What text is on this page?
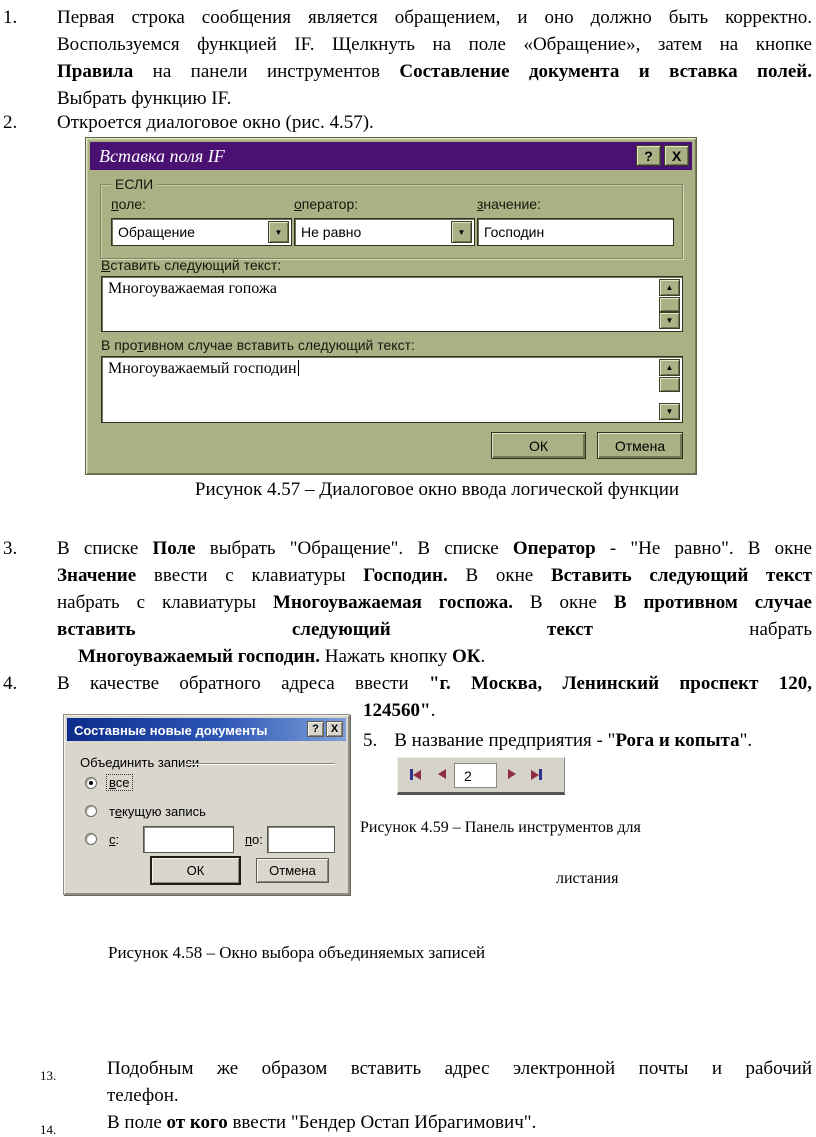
1.	Первая строка сообщения является обращением, и оно должно быть корректно.
Воспользуемся функцией IF. Щелкнуть на поле «Обращение», затем на кнопке
Правила на панели инструментов Составление документа и вставка полей.
Выбрать функцию IF.
2.	Откроется диалоговое окно (рис. 4.57).
Вставка поля IF	? X
ЕСЛИ
поле:	оператор:	значение:
Обращение	▼	Не равно	▼	Господин
Вставить следующий текст:
Многоуважаемая гопожа	▲
▼
В противном случае вставить следующий текст:
Многоуважаемый господин	▲
▼
ОК	Отмена
Рисунок 4.57 – Диалоговое окно ввода логической функции
3.	В списке Поле выбрать "Обращение". В списке Оператор - "Не равно". В окне
Значение ввести с клавиатуры Господин. В окне Вставить следующий текст
набрать с клавиатуры Многоуважаемая госпожа. В окне В противном случае
вставить следующий текст набрать
Многоуважаемый господин. Нажать кнопку ОК.
4.	В качестве обратного адреса ввести "г. Москва, Ленинский проспект 120,
124560".
5. В название предприятия - "Рога и копыта".
Составные новые документы	? X
Объединить записи
все
текущую запись
с:	по:
ОК	Отмена
2
Рисунок 4.59 – Панель инструментов для
листания
Рисунок 4.58 – Окно выбора объединяемых записей
13.	Подобным же образом вставить адрес электронной почты и рабочий
телефон.
14.	В поле от кого ввести "Бендер Остап Ибрагимович".
